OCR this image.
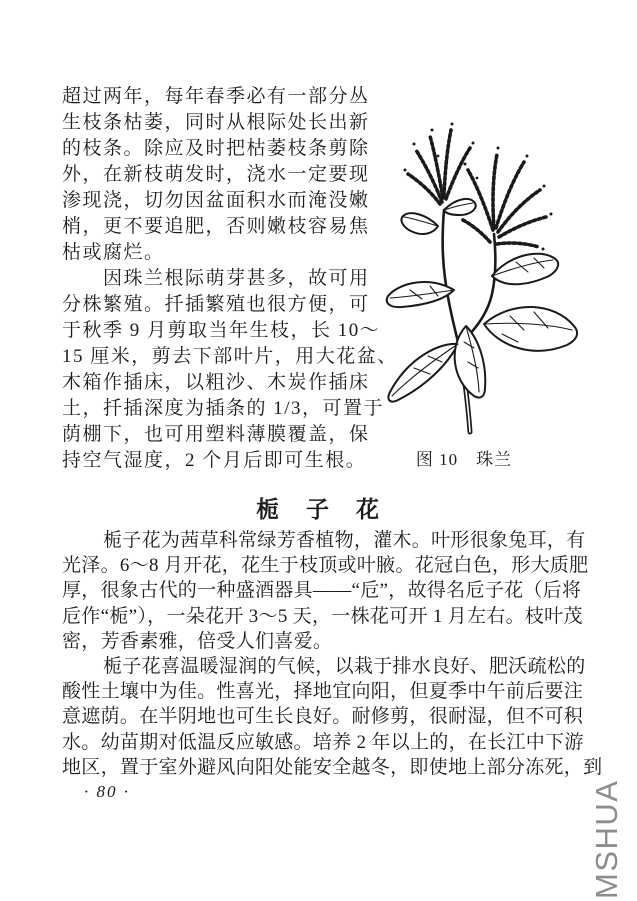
超过两年，每年春季必有一部分丛
生枝条枯萎，同时从根际处长出新
的枝条。除应及时把枯萎枝条剪除
外，在新枝萌发时，浇水一定要现
渗现浇，切勿因盆面积水而淹没嫩
梢，更不要追肥，否则嫩枝容易焦
枯或腐烂。
因珠兰根际萌芽甚多，故可用
分株繁殖。扦插繁殖也很方便，可
于秋季 9 月剪取当年生枝，长 10～
15 厘米，剪去下部叶片，用大花盆、
木箱作插床，以粗沙、木炭作插床
土，扦插深度为插条的 1/3，可置于
荫棚下，也可用塑料薄膜覆盖，保
持空气湿度，2 个月后即可生根。	图 10　珠兰
栀　子　花
栀子花为茜草科常绿芳香植物，灌木。叶形很象兔耳，有
光泽。6～8 月开花，花生于枝顶或叶腋。花冠白色，形大质肥
厚，很象古代的一种盛酒器具——“卮”，故得名卮子花（后将
卮作“栀”），一朵花开 3～5 天，一株花可开 1 月左右。枝叶茂
密，芳香素雅，倍受人们喜爱。
栀子花喜温暖湿润的气候，以栽于排水良好、肥沃疏松的
酸性土壤中为佳。性喜光，择地宜向阳，但夏季中午前后要注
意遮荫。在半阴地也可生长良好。耐修剪，很耐湿，但不可积
水。幼苗期对低温反应敏感。培养 2 年以上的，在长江中下游
地区，置于室外避风向阳处能安全越冬，即使地上部分冻死，到
· 80 ·	MSHUA
